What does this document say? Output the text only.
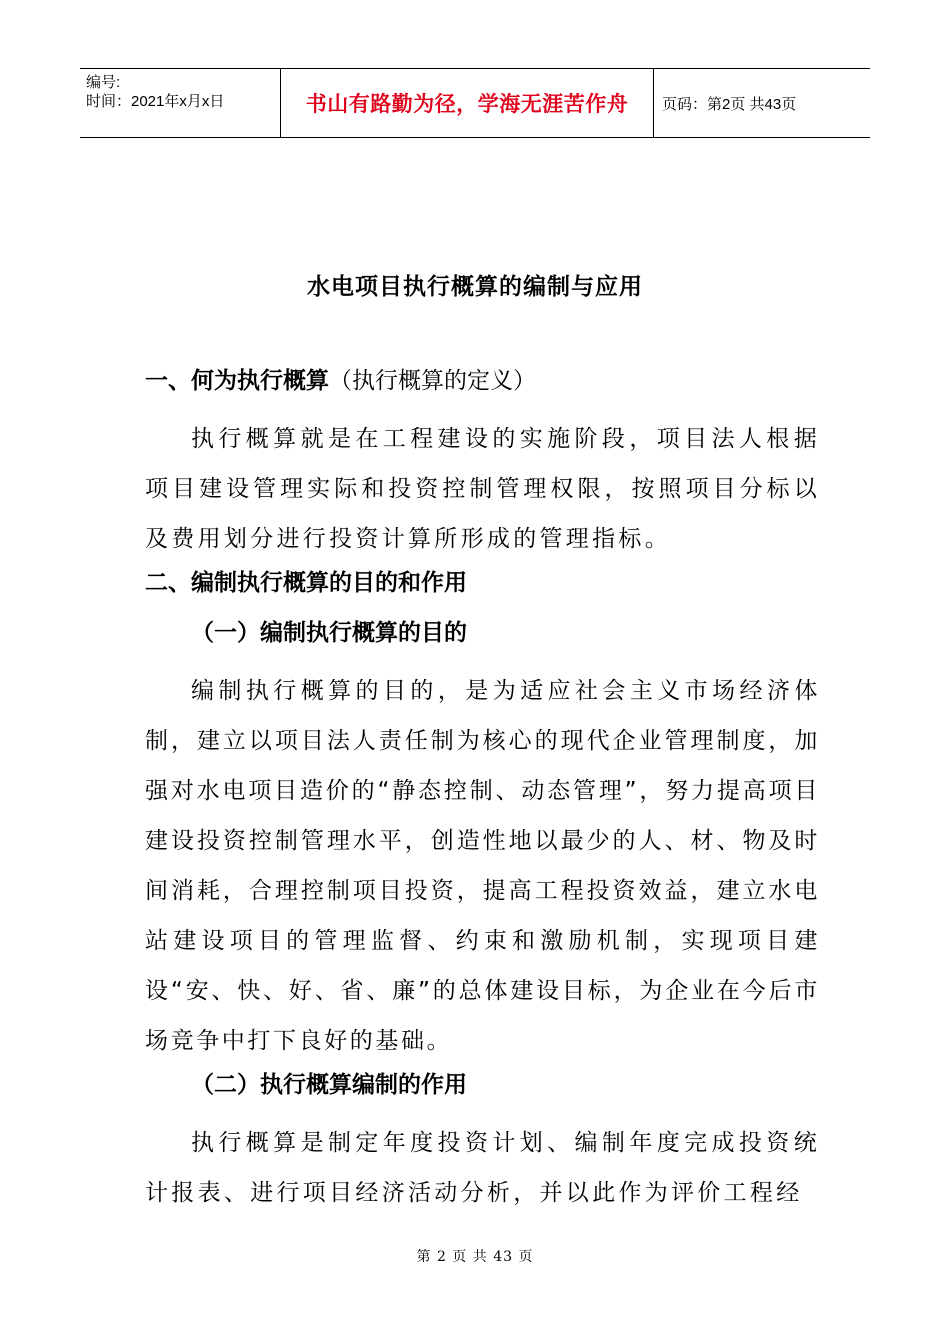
编号:
时间：2021年x月x日	书山有路勤为径，学海无涯苦作舟	页码：第2页 共43页
水电项目执行概算的编制与应用
一、何为执行概算（执行概算的定义）

执行概算就是在工程建设的实施阶段，项目法人根据项目建设管理实际和投资控制管理权限，按照项目分标以及费用划分进行投资计算所形成的管理指标。

二、编制执行概算的目的和作用
（一）编制执行概算的目的

编制执行概算的目的，是为适应社会主义市场经济体制，建立以项目法人责任制为核心的现代企业管理制度，加强对水电项目造价的“静态控制、动态管理”，努力提高项目建设投资控制管理水平，创造性地以最少的人、材、物及时间消耗，合理控制项目投资，提高工程投资效益，建立水电站建设项目的管理监督、约束和激励机制，实现项目建设“安、快、好、省、廉”的总体建设目标，为企业在今后市场竞争中打下良好的基础。

（二）执行概算编制的作用

执行概算是制定年度投资计划、编制年度完成投资统计报表、进行项目经济活动分析，并以此作为评价工程经

第 2 页 共 43 页
